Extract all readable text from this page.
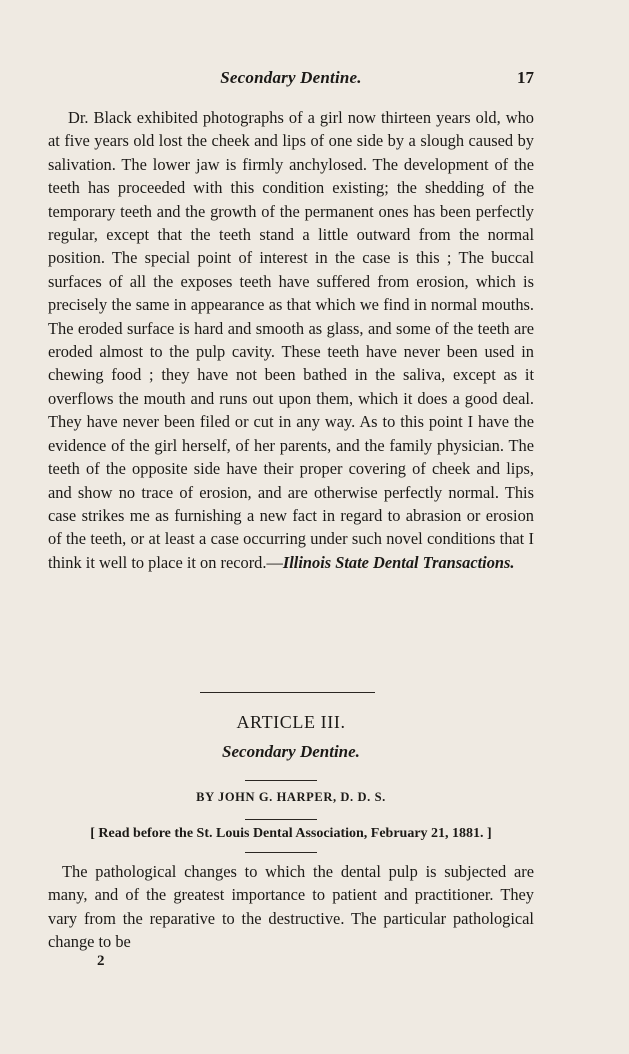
Secondary Dentine.	17

Dr. Black exhibited photographs of a girl now thirteen years old, who at five years old lost the cheek and lips of one side by a slough caused by salivation. The lower jaw is firmly anchylosed. The development of the teeth has proceeded with this condition existing; the shedding of the temporary teeth and the growth of the permanent ones has been perfectly regular, except that the teeth stand a little outward from the normal position. The special point of interest in the case is this ; The buccal surfaces of all the exposes teeth have suffered from erosion, which is precisely the same in appearance as that which we find in normal mouths. The eroded surface is hard and smooth as glass, and some of the teeth are eroded almost to the pulp cavity. These teeth have never been used in chewing food ; they have not been bathed in the saliva, except as it overflows the mouth and runs out upon them, which it does a good deal. They have never been filed or cut in any way. As to this point I have the evidence of the girl herself, of her parents, and the family physician. The teeth of the opposite side have their proper covering of cheek and lips, and show no trace of erosion, and are otherwise perfectly normal. This case strikes me as furnishing a new fact in regard to abrasion or erosion of the teeth, or at least a case occurring under such novel conditions that I think it well to place it on record.—Illinois State Dental Transactions.

ARTICLE III.
Secondary Dentine.
BY JOHN G. HARPER, D. D. S.
[ Read before the St. Louis Dental Association, February 21, 1881. ]

The pathological changes to which the dental pulp is subjected are many, and of the greatest importance to patient and practitioner. They vary from the reparative to the destructive. The particular pathological change to be

2
